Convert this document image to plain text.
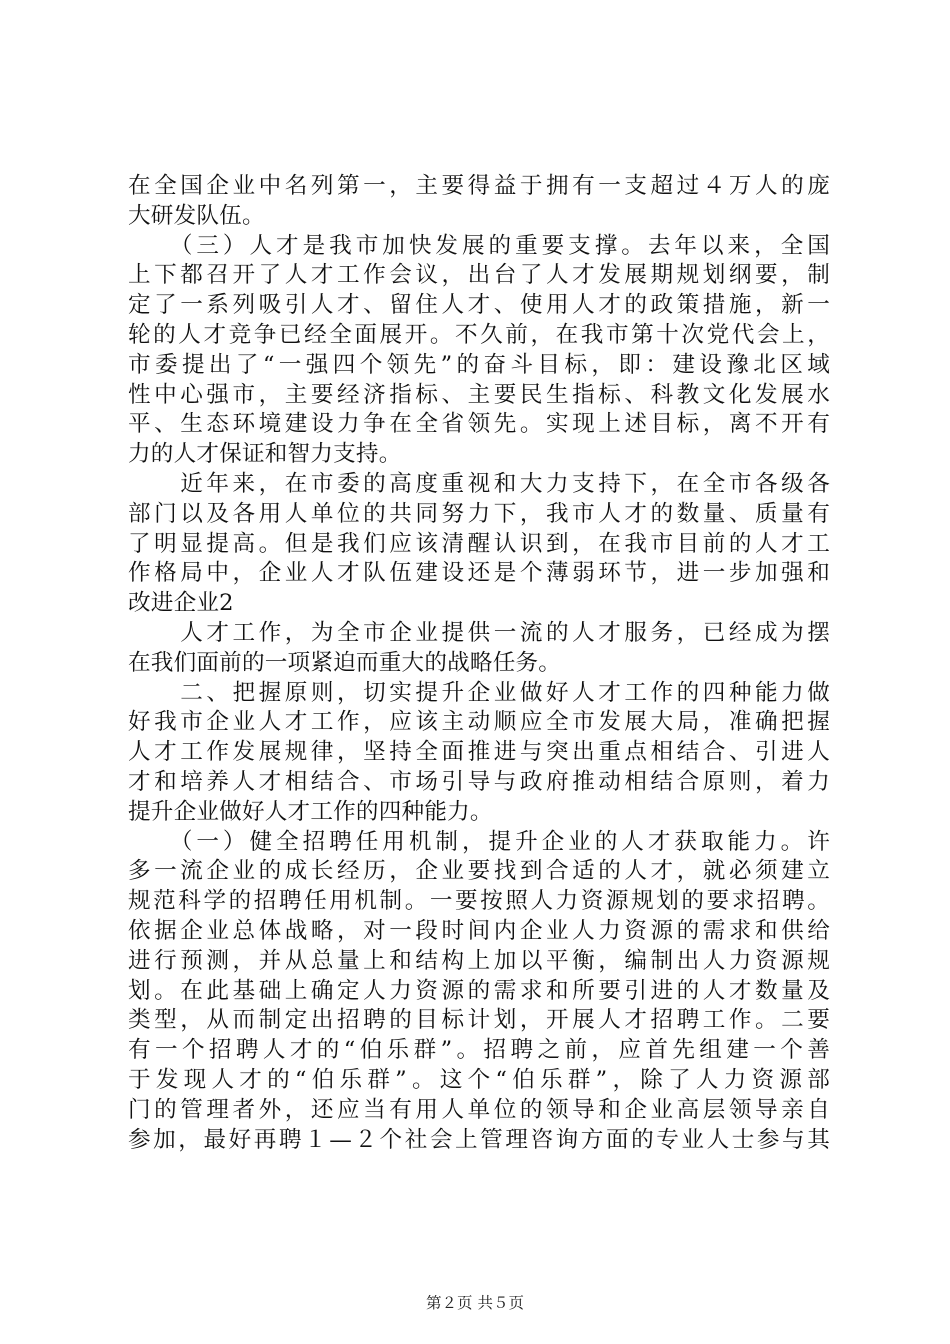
在全国企业中名列第一，主要得益于拥有一支超过４万人的庞
大研发队伍。
　　（三）人才是我市加快发展的重要支撑。去年以来，全国
上下都召开了人才工作会议，出台了人才发展期规划纲要，制
定了一系列吸引人才、留住人才、使用人才的政策措施，新一
轮的人才竞争已经全面展开。不久前，在我市第十次党代会上，
市委提出了“一强四个领先”的奋斗目标，即：建设豫北区域
性中心强市，主要经济指标、主要民生指标、科教文化发展水
平、生态环境建设力争在全省领先。实现上述目标，离不开有
力的人才保证和智力支持。
　　近年来，在市委的高度重视和大力支持下，在全市各级各
部门以及各用人单位的共同努力下，我市人才的数量、质量有
了明显提高。但是我们应该清醒认识到，在我市目前的人才工
作格局中，企业人才队伍建设还是个薄弱环节，进一步加强和
改进企业2
　　人才工作，为全市企业提供一流的人才服务，已经成为摆
在我们面前的一项紧迫而重大的战略任务。
　　二、把握原则，切实提升企业做好人才工作的四种能力做
好我市企业人才工作，应该主动顺应全市发展大局，准确把握
人才工作发展规律，坚持全面推进与突出重点相结合、引进人
才和培养人才相结合、市场引导与政府推动相结合原则，着力
提升企业做好人才工作的四种能力。
　　（一）健全招聘任用机制，提升企业的人才获取能力。许
多一流企业的成长经历，企业要找到合适的人才，就必须建立
规范科学的招聘任用机制。一要按照人力资源规划的要求招聘。
依据企业总体战略，对一段时间内企业人力资源的需求和供给
进行预测，并从总量上和结构上加以平衡，编制出人力资源规
划。在此基础上确定人力资源的需求和所要引进的人才数量及
类型，从而制定出招聘的目标计划，开展人才招聘工作。二要
有一个招聘人才的“伯乐群”。招聘之前，应首先组建一个善
于发现人才的“伯乐群”。这个“伯乐群”，除了人力资源部
门的管理者外，还应当有用人单位的领导和企业高层领导亲自
参加，最好再聘１—２个社会上管理咨询方面的专业人士参与其
第２页 共５页
